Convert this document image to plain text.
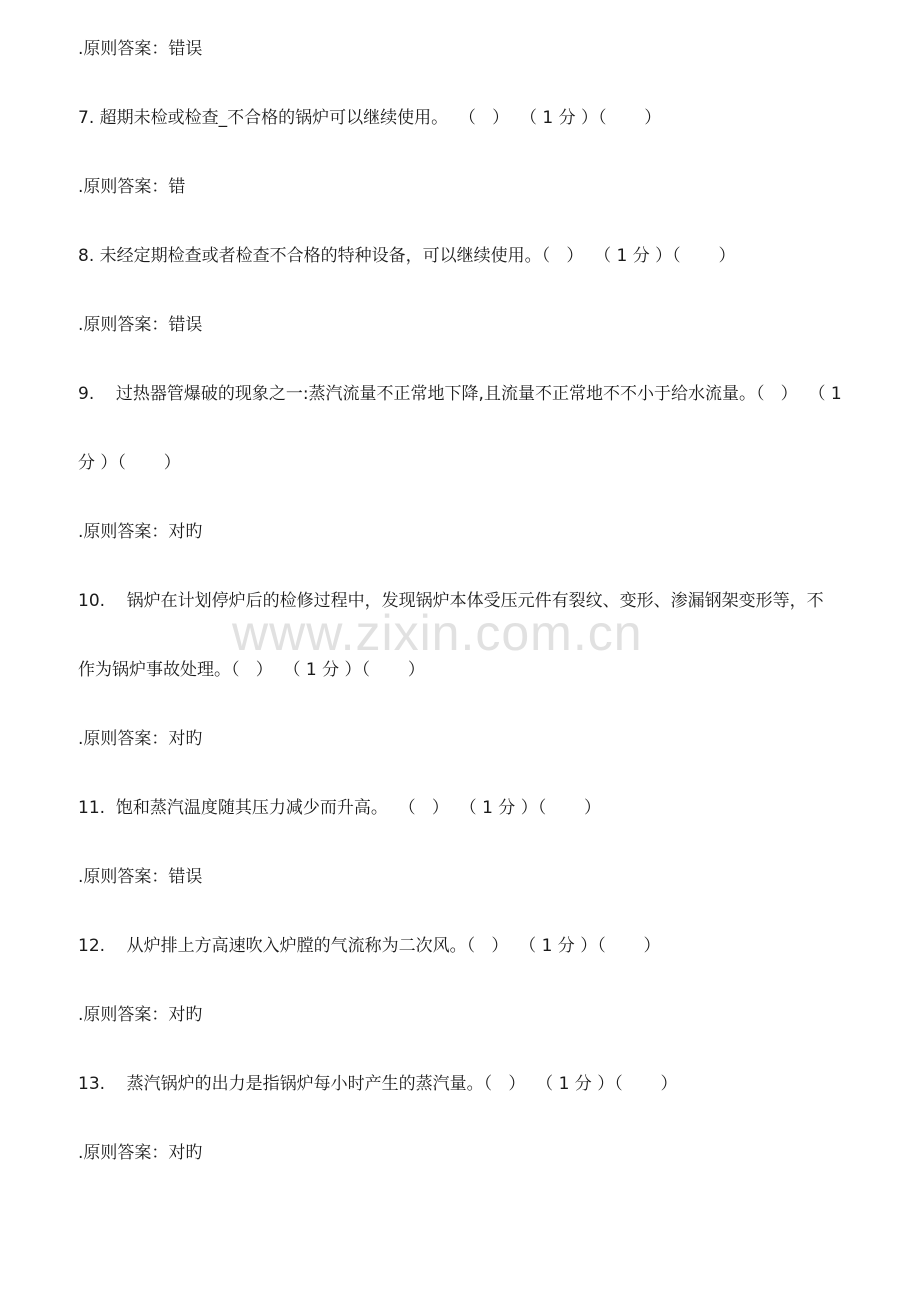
www.zixin.com.cn
.原则答案：错误
7. 超期未检或检查_不合格的锅炉可以继续使用。  （   ）  （ 1 分 ）（       ）
.原则答案：错
8. 未经定期检查或者检查不合格的特种设备，可以继续使用。（   ）  （ 1 分 ）（       ）
.原则答案：错误
9.    过热器管爆破的现象之一:蒸汽流量不正常地下降,且流量不正常地不不小于给水流量。（   ）  （ 1
分 ）（       ）
.原则答案：对旳
10.    锅炉在计划停炉后的检修过程中，发现锅炉本体受压元件有裂纹、变形、渗漏钢架变形等，不
作为锅炉事故处理。（   ）  （ 1 分 ）（       ）
.原则答案：对旳
11.  饱和蒸汽温度随其压力减少而升高。  （   ）  （ 1 分 ）（       ）
.原则答案：错误
12.    从炉排上方高速吹入炉膛的气流称为二次风。（   ）  （ 1 分 ）（       ）
.原则答案：对旳
13.    蒸汽锅炉的出力是指锅炉每小时产生的蒸汽量。（   ）  （ 1 分 ）（       ）
.原则答案：对旳
